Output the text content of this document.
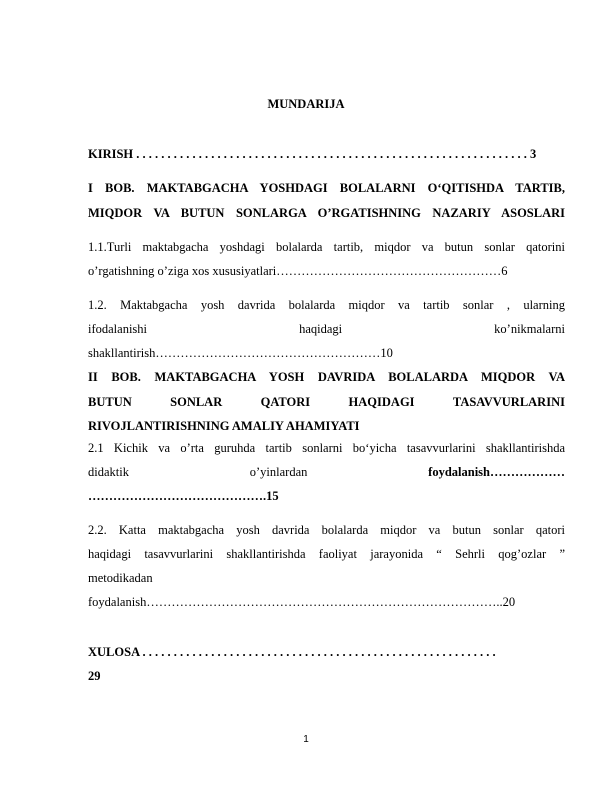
MUNDARIJA
KIRISH . . . . . . . . . . . . . . . . . . . . . . . . . . . . . . . . . . . . . . . . . . . . . . . . . . . . . . . . . . . . . . . 3
I BOB. MAKTABGACHA YOSHDAGI BOLALARNI O‘QITISHDA TARTIB,
MIQDOR VA BUTUN SONLARGA O’RGATISHNING NAZARIY ASOSLARI
1.1.Turli maktabgacha yoshdagi bolalarda tartib, miqdor va butun sonlar qatorini
o’rgatishning o’ziga xos xususiyatlari………………………………………………6
1.2. Maktabgacha yosh davrida bolalarda miqdor va tartib sonlar , ularning
ifodalanishi	haqidagi	ko’nikmalarni
shakllantirish………………………………………………10
II BOB. MAKTABGACHA YOSH DAVRIDA BOLALARDA MIQDOR VA
BUTUN	SONLAR	QATORI	HAQIDAGI	TASAVVURLARINI
RIVOJLANTIRISHNING AMALIY AHAMIYATI
2.1 Kichik va o’rta guruhda tartib sonlarni bo‘yicha tasavvurlarini shakllantirishda
didaktik	o’yinlardan	foydalanish………………
…………………………………….15
2.2. Katta maktabgacha yosh davrida bolalarda miqdor va butun sonlar qatori
haqidagi tasavvurlarini shakllantirishda faoliyat jarayonida “ Sehrli qog’ozlar ”
metodikadan
foydalanish…………………………………………………………………………..20
XULOSA . . . . . . . . . . . . . . . . . . . . . . . . . . . . . . . . . . . . . . . . . . . . . . . . . . . . . . . . .
29
1
